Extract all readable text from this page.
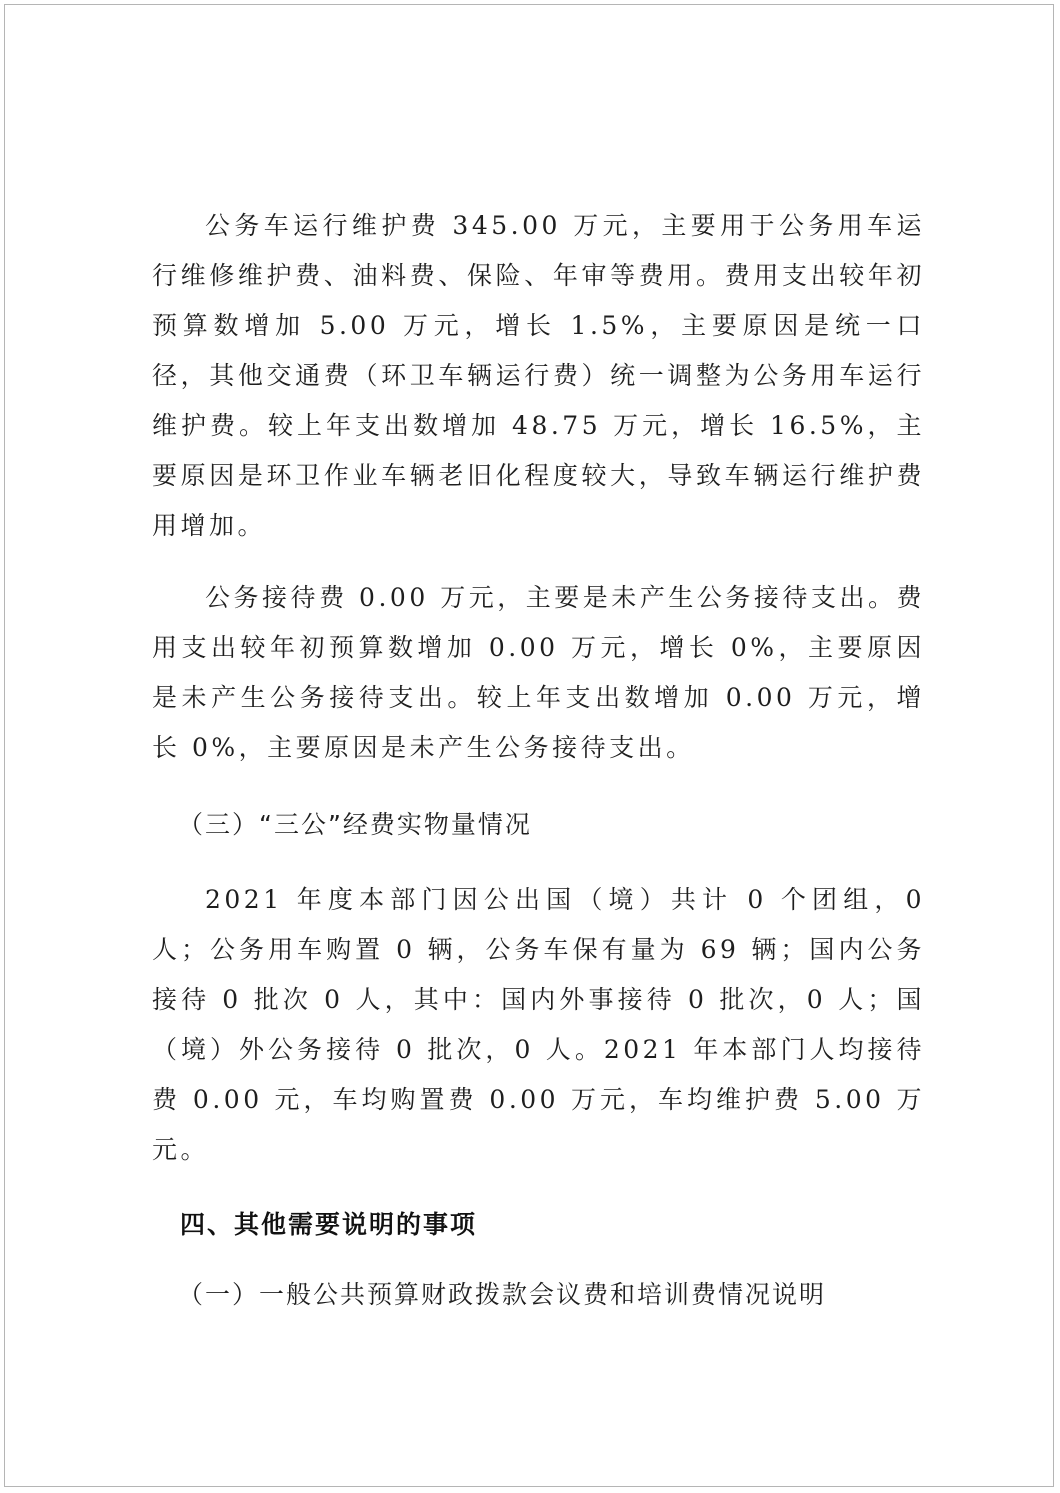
公务车运行维护费 345.00 万元，主要用于公务用车运行维修维护费、油料费、保险、年审等费用。费用支出较年初预算数增加 5.00 万元，增长 1.5%，主要原因是统一口径，其他交通费（环卫车辆运行费）统一调整为公务用车运行维护费。较上年支出数增加 48.75 万元，增长 16.5%，主要原因是环卫作业车辆老旧化程度较大，导致车辆运行维护费用增加。

公务接待费 0.00 万元，主要是未产生公务接待支出。费用支出较年初预算数增加 0.00 万元，增长 0%，主要原因是未产生公务接待支出。较上年支出数增加 0.00 万元，增长 0%，主要原因是未产生公务接待支出。

（三）“三公”经费实物量情况

2021 年度本部门因公出国（境）共计 0 个团组，0 人；公务用车购置 0 辆，公务车保有量为 69 辆；国内公务接待 0 批次 0 人，其中：国内外事接待 0 批次，0 人；国（境）外公务接待 0 批次，0 人。2021 年本部门人均接待费 0.00 元，车均购置费 0.00 万元，车均维护费 5.00 万元。

四、其他需要说明的事项
（一）一般公共预算财政拨款会议费和培训费情况说明
